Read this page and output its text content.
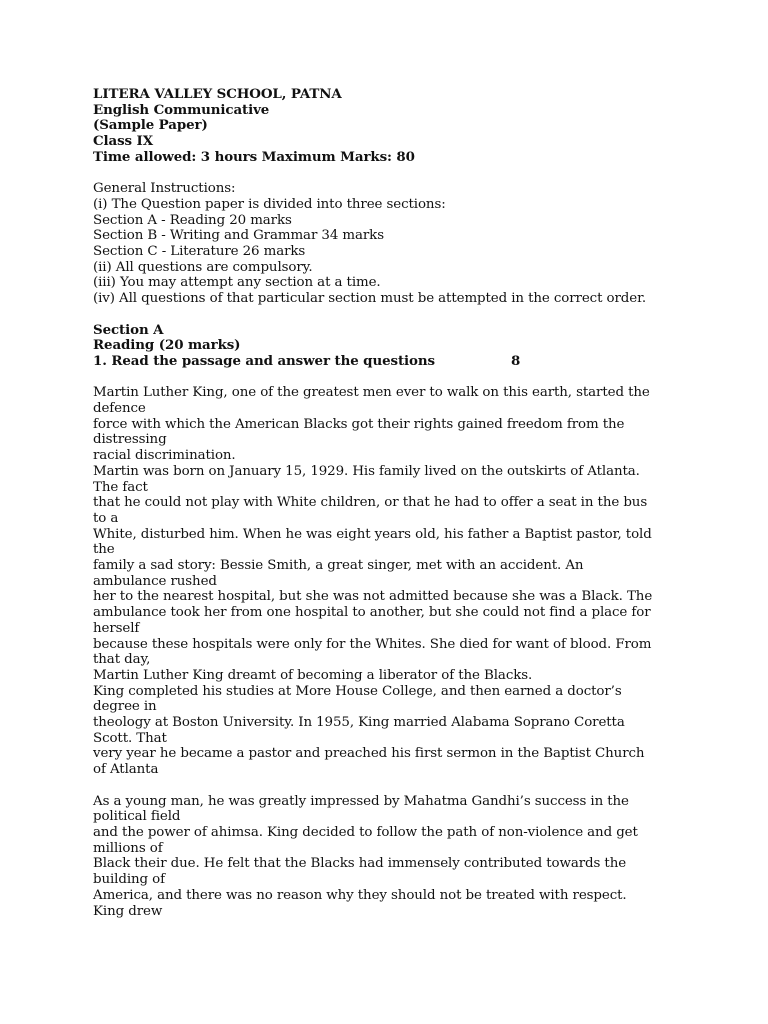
LITERA VALLEY SCHOOL, PATNA
English Communicative
(Sample Paper)
Class IX
Time allowed: 3 hours Maximum Marks: 80
General Instructions:
(i) The Question paper is divided into three sections:
Section A - Reading 20 marks
Section B - Writing and Grammar 34 marks
Section C - Literature 26 marks
(ii) All questions are compulsory.
(iii) You may attempt any section at a time.
(iv) All questions of that particular section must be attempted in the correct order.
Section A
Reading (20 marks)
1. Read the passage and answer the questions	8
Martin Luther King, one of the greatest men ever to walk on this earth, started the
defence
force with which the American Blacks got their rights gained freedom from the
distressing
racial discrimination.
Martin was born on January 15, 1929. His family lived on the outskirts of Atlanta.
The fact
that he could not play with White children, or that he had to offer a seat in the bus
to a
White, disturbed him. When he was eight years old, his father a Baptist pastor, told
the
family a sad story: Bessie Smith, a great singer, met with an accident. An
ambulance rushed
her to the nearest hospital, but she was not admitted because she was a Black. The
ambulance took her from one hospital to another, but she could not find a place for
herself
because these hospitals were only for the Whites. She died for want of blood. From
that day,
Martin Luther King dreamt of becoming a liberator of the Blacks.
King completed his studies at More House College, and then earned a doctor’s
degree in
theology at Boston University. In 1955, King married Alabama Soprano Coretta
Scott. That
very year he became a pastor and preached his first sermon in the Baptist Church
of Atlanta
As a young man, he was greatly impressed by Mahatma Gandhi’s success in the
political field
and the power of ahimsa. King decided to follow the path of non-violence and get
millions of
Black their due. He felt that the Blacks had immensely contributed towards the
building of
America, and there was no reason why they should not be treated with respect.
King drew
